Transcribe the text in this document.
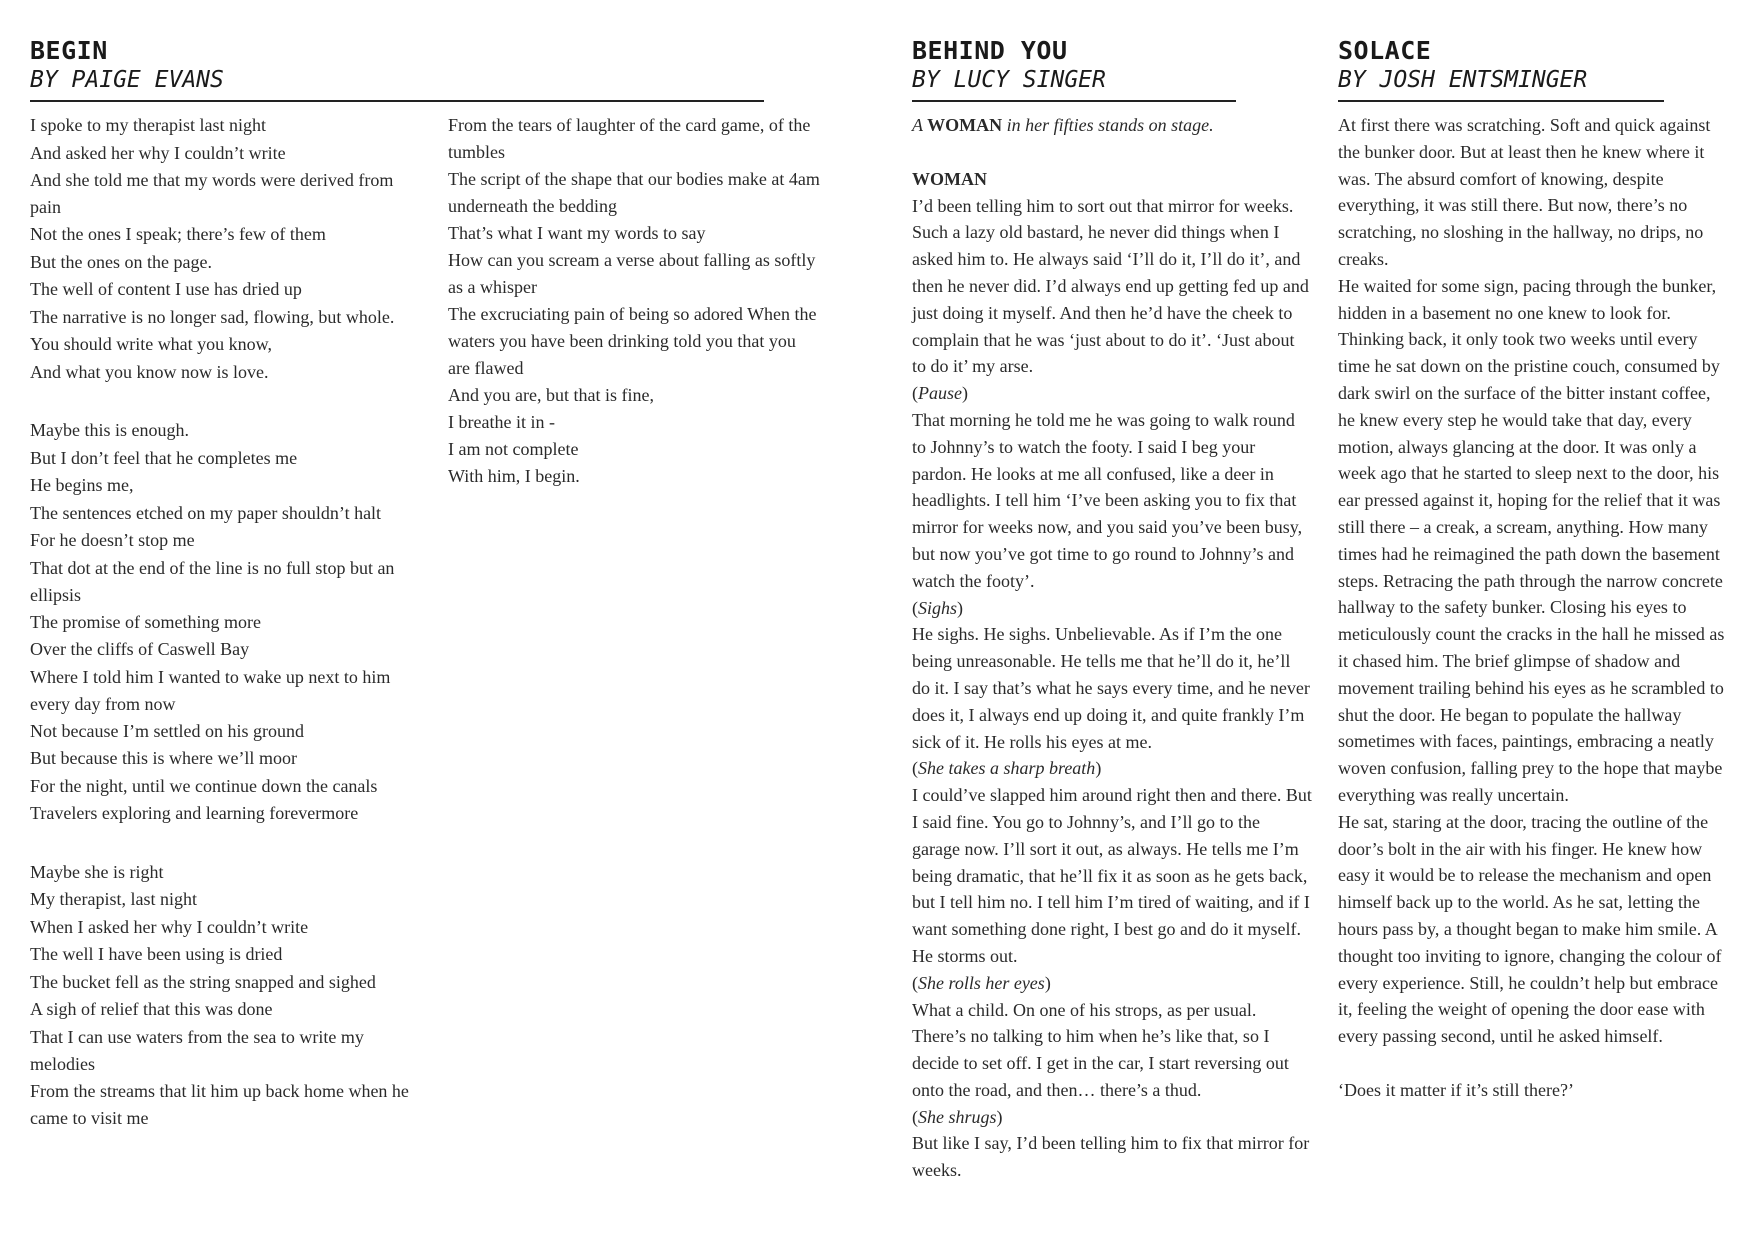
BEGIN
BY PAIGE EVANS
I spoke to my therapist last night
And asked her why I couldn’t write

And she told me that my words were derived from pain

Not the ones I speak; there’s few of them
But the ones on the page.
The well of content I use has dried up
The narrative is no longer sad, flowing, but whole.
You should write what you know,
And what you know now is love.
Maybe this is enough.
But I don’t feel that he completes me
He begins me,
The sentences etched on my paper shouldn’t halt
For he doesn’t stop me

That dot at the end of the line is no full stop but an ellipsis

The promise of something more
Over the cliffs of Caswell Bay

Where I told him I wanted to wake up next to him every day from now

Not because I’m settled on his ground
But because this is where we’ll moor
For the night, until we continue down the canals
Travelers exploring and learning forevermore
Maybe she is right
My therapist, last night
When I asked her why I couldn’t write
The well I have been using is dried
The bucket fell as the string snapped and sighed
A sigh of relief that this was done

That I can use waters from the sea to write my melodies

From the streams that lit him up back home when he came to visit me

From the tears of laughter of the card game, of the tumbles

The script of the shape that our bodies make at 4am underneath the bedding

That’s what I want my words to say

How can you scream a verse about falling as softly as a whisper

The excruciating pain of being so adored When the waters you have been drinking told you that you are flawed

And you are, but that is fine,

I breathe it in -

I am not complete

With him, I begin.

BEHIND YOU
BY LUCY SINGER

A WOMAN in her fifties stands on stage.

WOMAN

I’d been telling him to sort out that mirror for weeks. Such a lazy old bastard, he never did things when I asked him to. He always said ‘I’ll do it, I’ll do it’, and then he never did. I’d always end up getting fed up and just doing it myself. And then he’d have the cheek to complain that he was ‘just about to do it’. ‘Just about to do it’ my arse.

(Pause)

That morning he told me he was going to walk round to Johnny’s to watch the footy. I said I beg your pardon. He looks at me all confused, like a deer in headlights. I tell him ‘I’ve been asking you to fix that mirror for weeks now, and you said you’ve been busy, but now you’ve got time to go round to Johnny’s and watch the footy’.

(Sighs)

He sighs. He sighs. Unbelievable. As if I’m the one being unreasonable. He tells me that he’ll do it, he’ll do it. I say that’s what he says every time, and he never does it, I always end up doing it, and quite frankly I’m sick of it. He rolls his eyes at me.

(She takes a sharp breath)

I could’ve slapped him around right then and there. But I said fine. You go to Johnny’s, and I’ll go to the garage now. I’ll sort it out, as always. He tells me I’m being dramatic, that he’ll fix it as soon as he gets back, but I tell him no. I tell him I’m tired of waiting, and if I want something done right, I best go and do it myself. He storms out.

(She rolls her eyes)

What a child. On one of his strops, as per usual. There’s no talking to him when he’s like that, so I decide to set off. I get in the car, I start reversing out onto the road, and then… there’s a thud.

(She shrugs)

But like I say, I’d been telling him to fix that mirror for weeks.

SOLACE
BY JOSH ENTSMINGER

At first there was scratching. Soft and quick against the bunker door. But at least then he knew where it was. The absurd comfort of knowing, despite everything, it was still there. But now, there’s no scratching, no sloshing in the hallway, no drips, no creaks.

He waited for some sign, pacing through the bunker, hidden in a basement no one knew to look for. Thinking back, it only took two weeks until every time he sat down on the pristine couch, consumed by dark swirl on the surface of the bitter instant coffee, he knew every step he would take that day, every motion, always glancing at the door. It was only a week ago that he started to sleep next to the door, his ear pressed against it, hoping for the relief that it was still there – a creak, a scream, anything. How many times had he reimagined the path down the basement steps. Retracing the path through the narrow concrete hallway to the safety bunker. Closing his eyes to meticulously count the cracks in the hall he missed as it chased him. The brief glimpse of shadow and movement trailing behind his eyes as he scrambled to shut the door. He began to populate the hallway sometimes with faces, paintings, embracing a neatly woven confusion, falling prey to the hope that maybe everything was really uncertain.

He sat, staring at the door, tracing the outline of the door’s bolt in the air with his finger. He knew how easy it would be to release the mechanism and open himself back up to the world. As he sat, letting the hours pass by, a thought began to make him smile. A thought too inviting to ignore, changing the colour of every experience. Still, he couldn’t help but embrace it, feeling the weight of opening the door ease with every passing second, until he asked himself.

‘Does it matter if it’s still there?’
